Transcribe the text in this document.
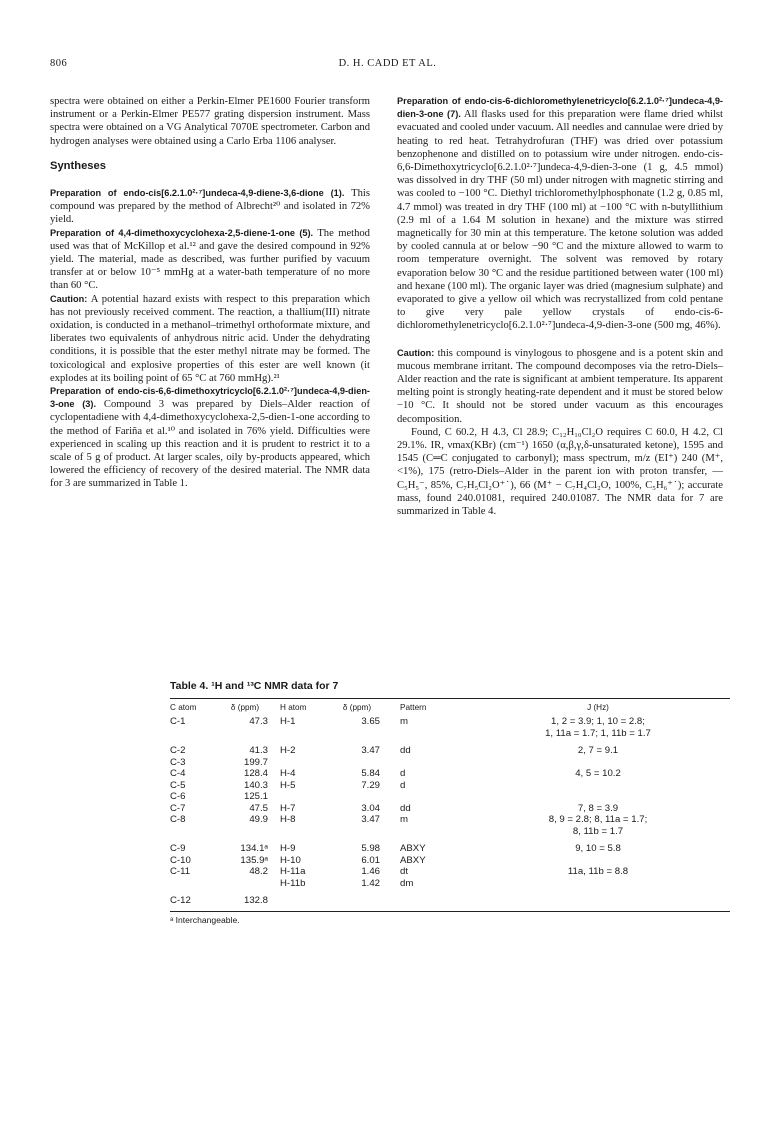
806	D. H. CADD ET AL.

spectra were obtained on either a Perkin-Elmer PE1600 Fourier transform instrument or a Perkin-Elmer PE577 grating dispersion instrument. Mass spectra were obtained on a VG Analytical 7070E spectrometer. Carbon and hydrogen analyses were obtained using a Carlo Erba 1106 analyser.

Syntheses

Preparation of endo-cis[6.2.1.0²·⁷]undeca-4,9-diene-3,6-dione (1). This compound was prepared by the method of Albrecht²⁰ and isolated in 72% yield.

Preparation of 4,4-dimethoxycyclohexa-2,5-diene-1-one (5). The method used was that of McKillop et al.¹² and gave the desired compound in 92% yield. The material, made as described, was further purified by vacuum transfer at or below 10⁻⁵ mmHg at a water-bath temperature of no more than 60 °C.

Caution: A potential hazard exists with respect to this preparation which has not previously received comment. The reaction, a thallium(III) nitrate oxidation, is conducted in a methanol–trimethyl orthoformate mixture, and liberates two equivalents of anhydrous nitric acid. Under the dehydrating conditions, it is possible that the ester methyl nitrate may be formed. The toxicological and explosive properties of this ester are well known (it explodes at its boiling point of 65 °C at 760 mmHg).²¹

Preparation of endo-cis-6,6-dimethoxytricyclo[6.2.1.0²·⁷]undeca-4,9-dien-3-one (3). Compound 3 was prepared by Diels–Alder reaction of cyclopentadiene with 4,4-dimethoxycyclohexa-2,5-dien-1-one according to the method of Fariña et al.¹⁰ and isolated in 76% yield. Difficulties were experienced in scaling up this reaction and it is prudent to restrict it to a scale of 5 g of product. At larger scales, oily by-products appeared, which lowered the efficiency of recovery of the desired material. The NMR data for 3 are summarized in Table 1.

Preparation of endo-cis-6-dichloromethylenetricyclo[6.2.1.0²·⁷]undeca-4,9-dien-3-one (7). All flasks used for this preparation were flame dried whilst evacuated and cooled under vacuum. All needles and cannulae were dried by heating to red heat. Tetrahydrofuran (THF) was dried over potassium benzophenone and distilled on to potassium wire under nitrogen. endo-cis-6,6-Dimethoxytricyclo[6.2.1.0²·⁷]undeca-4,9-dien-3-one (1 g, 4.5 mmol) was dissolved in dry THF (50 ml) under nitrogen with magnetic stirring and was cooled to −100 °C. Diethyl trichloromethylphosphonate (1.2 g, 0.85 ml, 4.7 mmol) was treated in dry THF (100 ml) at −100 °C with n-butyllithium (2.9 ml of a 1.64 M solution in hexane) and the mixture was stirred magnetically for 30 min at this temperature. The ketone solution was added by cooled cannula at or below −90 °C and the mixture allowed to warm to room temperature overnight. The solvent was removed by rotary evaporation below 30 °C and the residue partitioned between water (100 ml) and hexane (100 ml). The organic layer was dried (magnesium sulphate) and evaporated to give a yellow oil which was recrystallized from cold pentane to give very pale yellow crystals of endo-cis-6-dichloromethylenetricyclo[6.2.1.0²·⁷]undeca-4,9-dien-3-one (500 mg, 46%).

Caution: this compound is vinylogous to phosgene and is a potent skin and mucous membrane irritant. The compound decomposes via the retro-Diels–Alder reaction and the rate is significant at ambient temperature. Its apparent melting point is strongly heating-rate dependent and it must be stored below −10 °C. It should not be stored under vacuum as this encourages decomposition.

Found, C 60.2, H 4.3, Cl 28.9; C₁₂H₁₀Cl₂O requires C 60.0, H 4.2, Cl 29.1%. IR, νmax(KBr) (cm⁻¹) 1650 (α,β,γ,δ-unsaturated ketone), 1595 and 1545 (C═C conjugated to carbonyl); mass spectrum, m/z (EI⁺) 240 (M⁺, <1%), 175 (retro-Diels–Alder in the parent ion with proton transfer, —C₅H₅⁻, 85%, C₇H₅Cl₂O⁺˙), 66 (M⁺ − C₇H₄Cl₂O, 100%, C₅H₆⁺˙); accurate mass, found 240.01081, required 240.01087. The NMR data for 7 are summarized in Table 4.

Table 4. ¹H and ¹³C NMR data for 7
C atom	δ (ppm)	H atom	δ (ppm)	Pattern	J (Hz)
C-1	47.3	H-1	3.65	m	1, 2 = 3.9; 1, 10 = 2.8;
					1, 11a = 1.7; 1, 11b = 1.7
C-2	41.3	H-2	3.47	dd	2, 7 = 9.1
C-3	199.7				
C-4	128.4	H-4	5.84	d	4, 5 = 10.2
C-5	140.3	H-5	7.29	d	
C-6	125.1				
C-7	47.5	H-7	3.04	dd	7, 8 = 3.9
C-8	49.9	H-8	3.47	m	8, 9 = 2.8; 8, 11a = 1.7;
					8, 11b = 1.7
C-9	134.1ᵃ	H-9	5.98	ABXY	9, 10 = 5.8
C-10	135.9ᵃ	H-10	6.01	ABXY	
C-11	48.2	H-11a	1.46	dt	11a, 11b = 8.8
		H-11b	1.42	dm	
C-12	132.8				
ᵃ Interchangeable.
